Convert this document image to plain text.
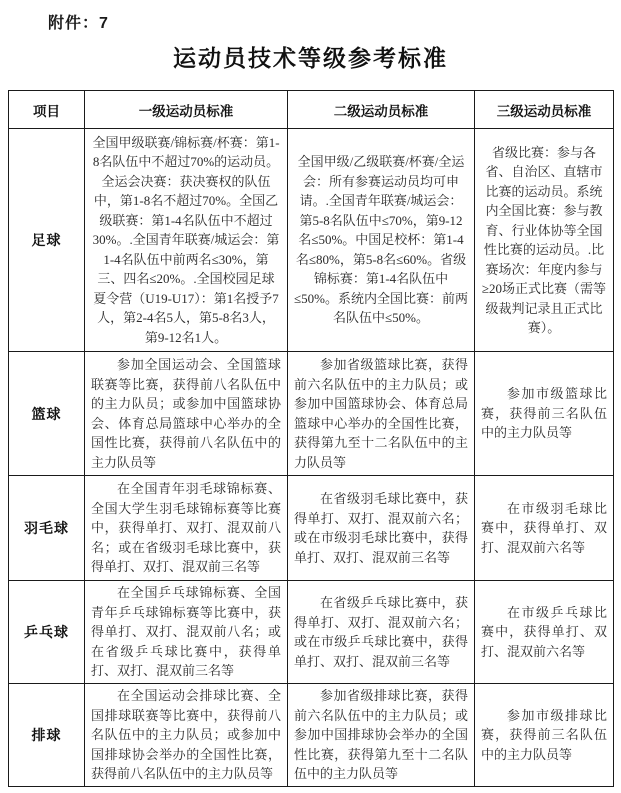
附件：7
运动员技术等级参考标准
项目	一级运动员标准	二级运动员标准	三级运动员标准
足球	全国甲级联赛/锦标赛/杯赛：第1-8名队伍中不超过70%的运动员。全运会决赛：获决赛权的队伍中，第1-8名不超过70%。全国乙级联赛：第1-4名队伍中不超过30%。.全国青年联赛/城运会：第1-4名队伍中前两名≤30%，第三、四名≤20%。.全国校园足球夏令营（U19-U17）：第1名授予7人，第2-4名5人，第5-8名3人，第9-12名1人。	全国甲级/乙级联赛/杯赛/全运会：所有参赛运动员均可申请。.全国青年联赛/城运会：第5-8名队伍中≤70%，第9-12名≤50%。中国足校杯：第1-4名≤80%，第5-8名≤60%。省级锦标赛：第1-4名队伍中≤50%。系统内全国比赛：前两名队伍中≤50%。	省级比赛：参与各省、自治区、直辖市比赛的运动员。系统内全国比赛：参与教育、行业体协等全国性比赛的运动员。.比赛场次：年度内参与≥20场正式比赛（需等级裁判记录且正式比赛）。
篮球	参加全国运动会、全国篮球联赛等比赛，获得前八名队伍中的主力队员；或参加中国篮球协会、体育总局篮球中心举办的全国性比赛，获得前八名队伍中的主力队员等	参加省级篮球比赛，获得前六名队伍中的主力队员；或参加中国篮球协会、体育总局篮球中心举办的全国性比赛，获得第九至十二名队伍中的主力队员等	参加市级篮球比赛，获得前三名队伍中的主力队员等
羽毛球	在全国青年羽毛球锦标赛、全国大学生羽毛球锦标赛等比赛中，获得单打、双打、混双前八名；或在省级羽毛球比赛中，获得单打、双打、混双前三名等	在省级羽毛球比赛中，获得单打、双打、混双前六名；或在市级羽毛球比赛中，获得单打、双打、混双前三名等	在市级羽毛球比赛中，获得单打、双打、混双前六名等
乒乓球	在全国乒乓球锦标赛、全国青年乒乓球锦标赛等比赛中，获得单打、双打、混双前八名；或在省级乒乓球比赛中，获得单打、双打、混双前三名等	在省级乒乓球比赛中，获得单打、双打、混双前六名；或在市级乒乓球比赛中，获得单打、双打、混双前三名等	在市级乒乓球比赛中，获得单打、双打、混双前六名等
排球	在全国运动会排球比赛、全国排球联赛等比赛中，获得前八名队伍中的主力队员；或参加中国排球协会举办的全国性比赛，获得前八名队伍中的主力队员等	参加省级排球比赛，获得前六名队伍中的主力队员；或参加中国排球协会举办的全国性比赛，获得第九至十二名队伍中的主力队员等	参加市级排球比赛，获得前三名队伍中的主力队员等
